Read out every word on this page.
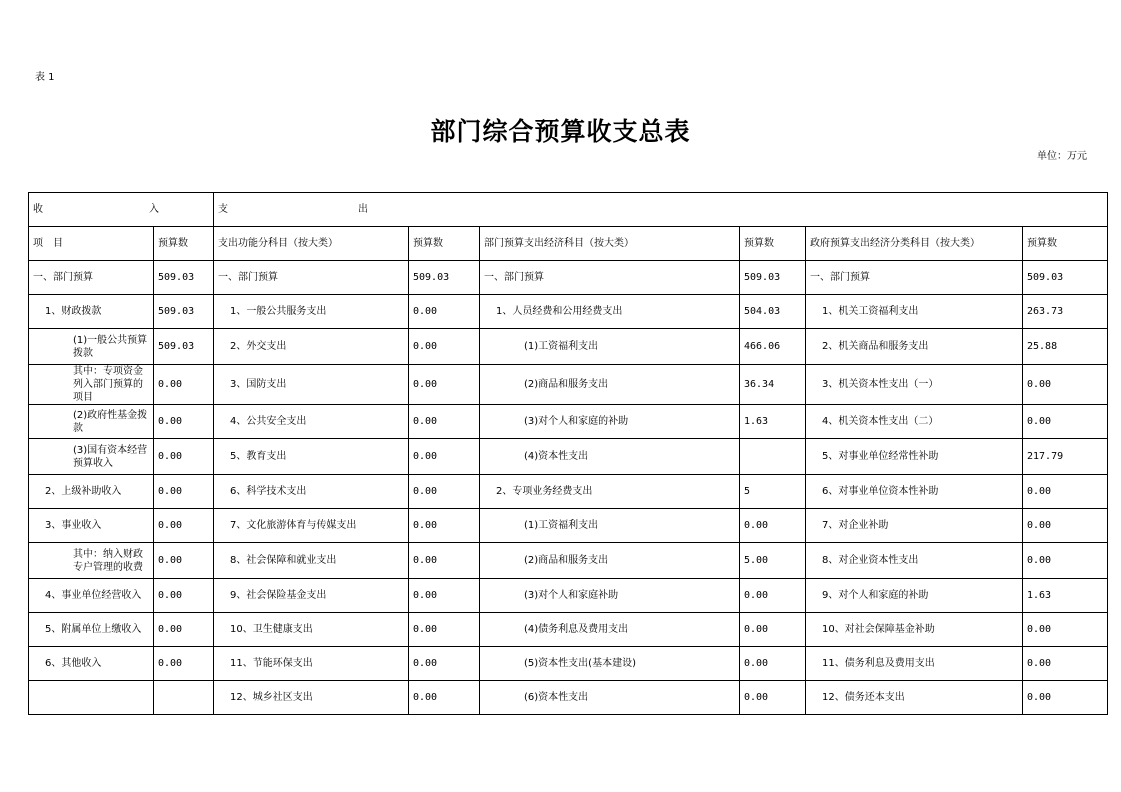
表 1
部门综合预算收支总表
单位：万元
收 入		支 出					

项　目	预算数	支出功能分科目（按大类）	预算数	部门预算支出经济科目（按大类）	预算数	政府预算支出经济分类科目（按大类）	预算数
一、部门预算	509.03	一、部门预算	509.03	一、部门预算	509.03	一、部门预算	509.03
1、财政拨款	509.03	1、一般公共服务支出	0.00	1、人员经费和公用经费支出	504.03	1、机关工资福利支出	263.73
(1)一般公共预算拨款	509.03	2、外交支出	0.00	(1)工资福利支出	466.06	2、机关商品和服务支出	25.88
其中：专项资金列入部门预算的项目	0.00	3、国防支出	0.00	(2)商品和服务支出	36.34	3、机关资本性支出（一）	0.00
(2)政府性基金拨款	0.00	4、公共安全支出	0.00	(3)对个人和家庭的补助	1.63	4、机关资本性支出（二）	0.00
(3)国有资本经营预算收入	0.00	5、教育支出	0.00	(4)资本性支出		5、对事业单位经常性补助	217.79
2、上级补助收入	0.00	6、科学技术支出	0.00	2、专项业务经费支出	5	6、对事业单位资本性补助	0.00
3、事业收入	0.00	7、文化旅游体育与传媒支出	0.00	(1)工资福利支出	0.00	7、对企业补助	0.00
其中：纳入财政专户管理的收费	0.00	8、社会保障和就业支出	0.00	(2)商品和服务支出	5.00	8、对企业资本性支出	0.00
4、事业单位经营收入	0.00	9、社会保险基金支出	0.00	(3)对个人和家庭补助	0.00	9、对个人和家庭的补助	1.63
5、附属单位上缴收入	0.00	10、卫生健康支出	0.00	(4)债务利息及费用支出	0.00	10、对社会保障基金补助	0.00
6、其他收入	0.00	11、节能环保支出	0.00	(5)资本性支出(基本建设)	0.00	11、债务利息及费用支出	0.00
		12、城乡社区支出	0.00	(6)资本性支出	0.00	12、债务还本支出	0.00
